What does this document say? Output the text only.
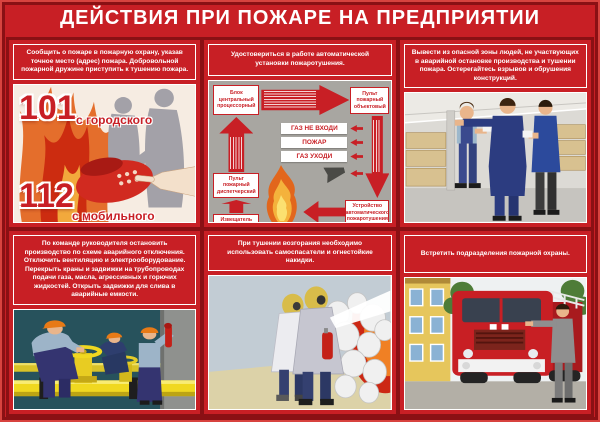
ДЕЙСТВИЯ ПРИ ПОЖАРЕ НА ПРЕДПРИЯТИИ
Сообщить о пожаре в пожарную охрану, указав точное место (адрес) пожара. Добровольной пожарной дружине приступить к тушению пожара.
101 с городского
112
с мобильного
Удостовериться в работе автоматической установки пожаротушения.
Блок центральный процессорный
Пульт пожарный объектовый
Пульт пожарный диспетчерский
Извещатель
ГАЗ НЕ ВХОДИ
ПОЖАР
ГАЗ УХОДИ
Устройство автоматического пожаротушения
Вывести из опасной зоны людей, не участвующих в аварийной остановке производства и тушении пожара. Остерегайтесь взрывов и обрушения конструкций.
По команде руководителя остановить производство по схеме аварийного отключения. Отключить вентиляцию и электрооборудование. Перекрыть краны и задвижки на трубопроводах подачи газа, масла, агрессивных и горючих жидкостей. Открыть задвижки для слива в аварийные емкости.
При тушении возгорания необходимо использовать самоспасатели и огнестойкие накидки.
Встретить подразделения пожарной охраны.
